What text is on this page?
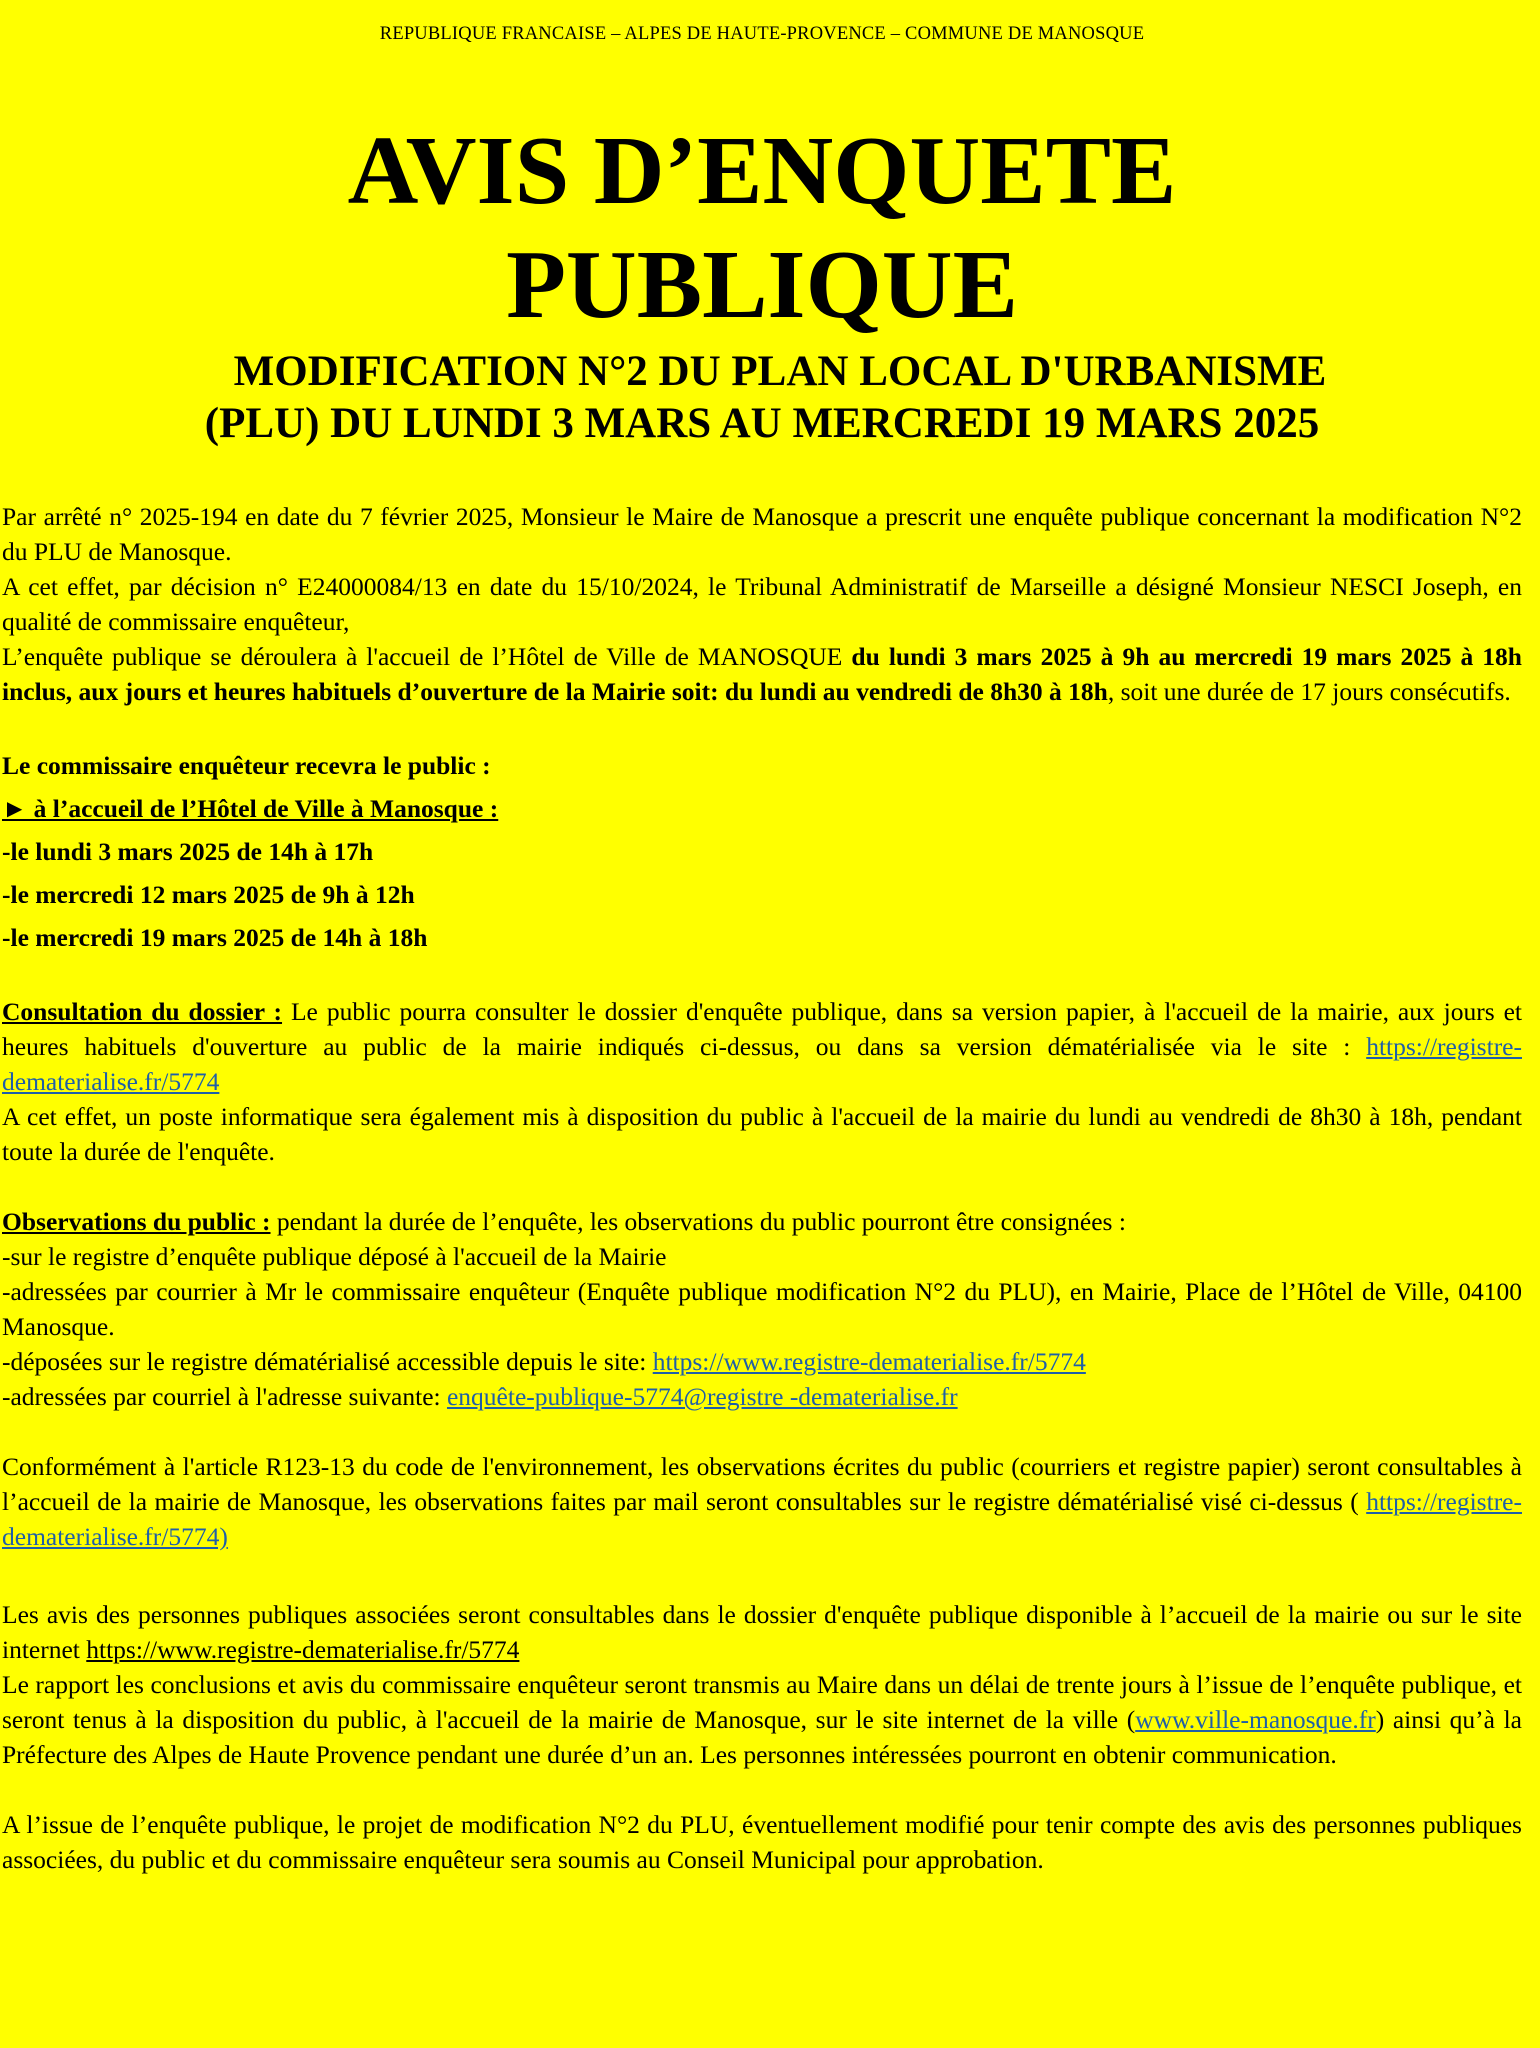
REPUBLIQUE FRANCAISE – ALPES DE HAUTE-PROVENCE – COMMUNE DE MANOSQUE
AVIS D’ENQUETE
PUBLIQUE
MODIFICATION N°2 DU PLAN LOCAL D'URBANISME
(PLU) DU LUNDI 3 MARS AU MERCREDI 19 MARS 2025

Par arrêté n° 2025-194 en date du 7 février 2025, Monsieur le Maire de Manosque a prescrit une enquête publique concernant la modification N°2 du PLU de Manosque.

A cet effet, par décision n° E24000084/13 en date du 15/10/2024, le Tribunal Administratif de Marseille a désigné Monsieur NESCI Joseph, en qualité de commissaire enquêteur,

L’enquête publique se déroulera à l'accueil de l’Hôtel de Ville de MANOSQUE du lundi 3 mars 2025 à 9h au mercredi 19 mars 2025 à 18h inclus, aux jours et heures habituels d’ouverture de la Mairie soit: du lundi au vendredi de 8h30 à 18h, soit une durée de 17 jours consécutifs.

Le commissaire enquêteur recevra le public :

► à l’accueil de l’Hôtel de Ville à Manosque :

-le lundi 3 mars 2025 de 14h à 17h

-le mercredi 12 mars 2025 de 9h à 12h

-le mercredi 19 mars 2025 de 14h à 18h

Consultation du dossier : Le public pourra consulter le dossier d'enquête publique, dans sa version papier, à l'accueil de la mairie, aux jours et heures habituels d'ouverture au public de la mairie indiqués ci-dessus, ou dans sa version dématérialisée via le site : https://registre- dematerialise.fr/5774

A cet effet, un poste informatique sera également mis à disposition du public à l'accueil de la mairie du lundi au vendredi de 8h30 à 18h, pendant toute la durée de l'enquête.

Observations du public : pendant la durée de l’enquête, les observations du public pourront être consignées :

-sur le registre d’enquête publique déposé à l'accueil de la Mairie

-adressées par courrier à Mr le commissaire enquêteur (Enquête publique modification N°2 du PLU), en Mairie, Place de l’Hôtel de Ville, 04100 Manosque.

-déposées sur le registre dématérialisé accessible depuis le site: https://www.registre-dematerialise.fr/5774

-adressées par courriel à l'adresse suivante: enquête-publique-5774@registre -dematerialise.fr

Conformément à l'article R123-13 du code de l'environnement, les observations écrites du public (courriers et registre papier) seront consultables à l’accueil de la mairie de Manosque, les observations faites par mail seront consultables sur le registre dématérialisé visé ci-dessus ( https://registre- dematerialise.fr/5774)

Les avis des personnes publiques associées seront consultables dans le dossier d'enquête publique disponible à l’accueil de la mairie ou sur le site internet https://www.registre-dematerialise.fr/5774

Le rapport les conclusions et avis du commissaire enquêteur seront transmis au Maire dans un délai de trente jours à l’issue de l’enquête publique, et seront tenus à la disposition du public, à l'accueil de la mairie de Manosque, sur le site internet de la ville (www.ville-manosque.fr) ainsi qu’à la Préfecture des Alpes de Haute Provence pendant une durée d’un an. Les personnes intéressées pourront en obtenir communication.

A l’issue de l’enquête publique, le projet de modification N°2 du PLU, éventuellement modifié pour tenir compte des avis des personnes publiques associées, du public et du commissaire enquêteur sera soumis au Conseil Municipal pour approbation.
